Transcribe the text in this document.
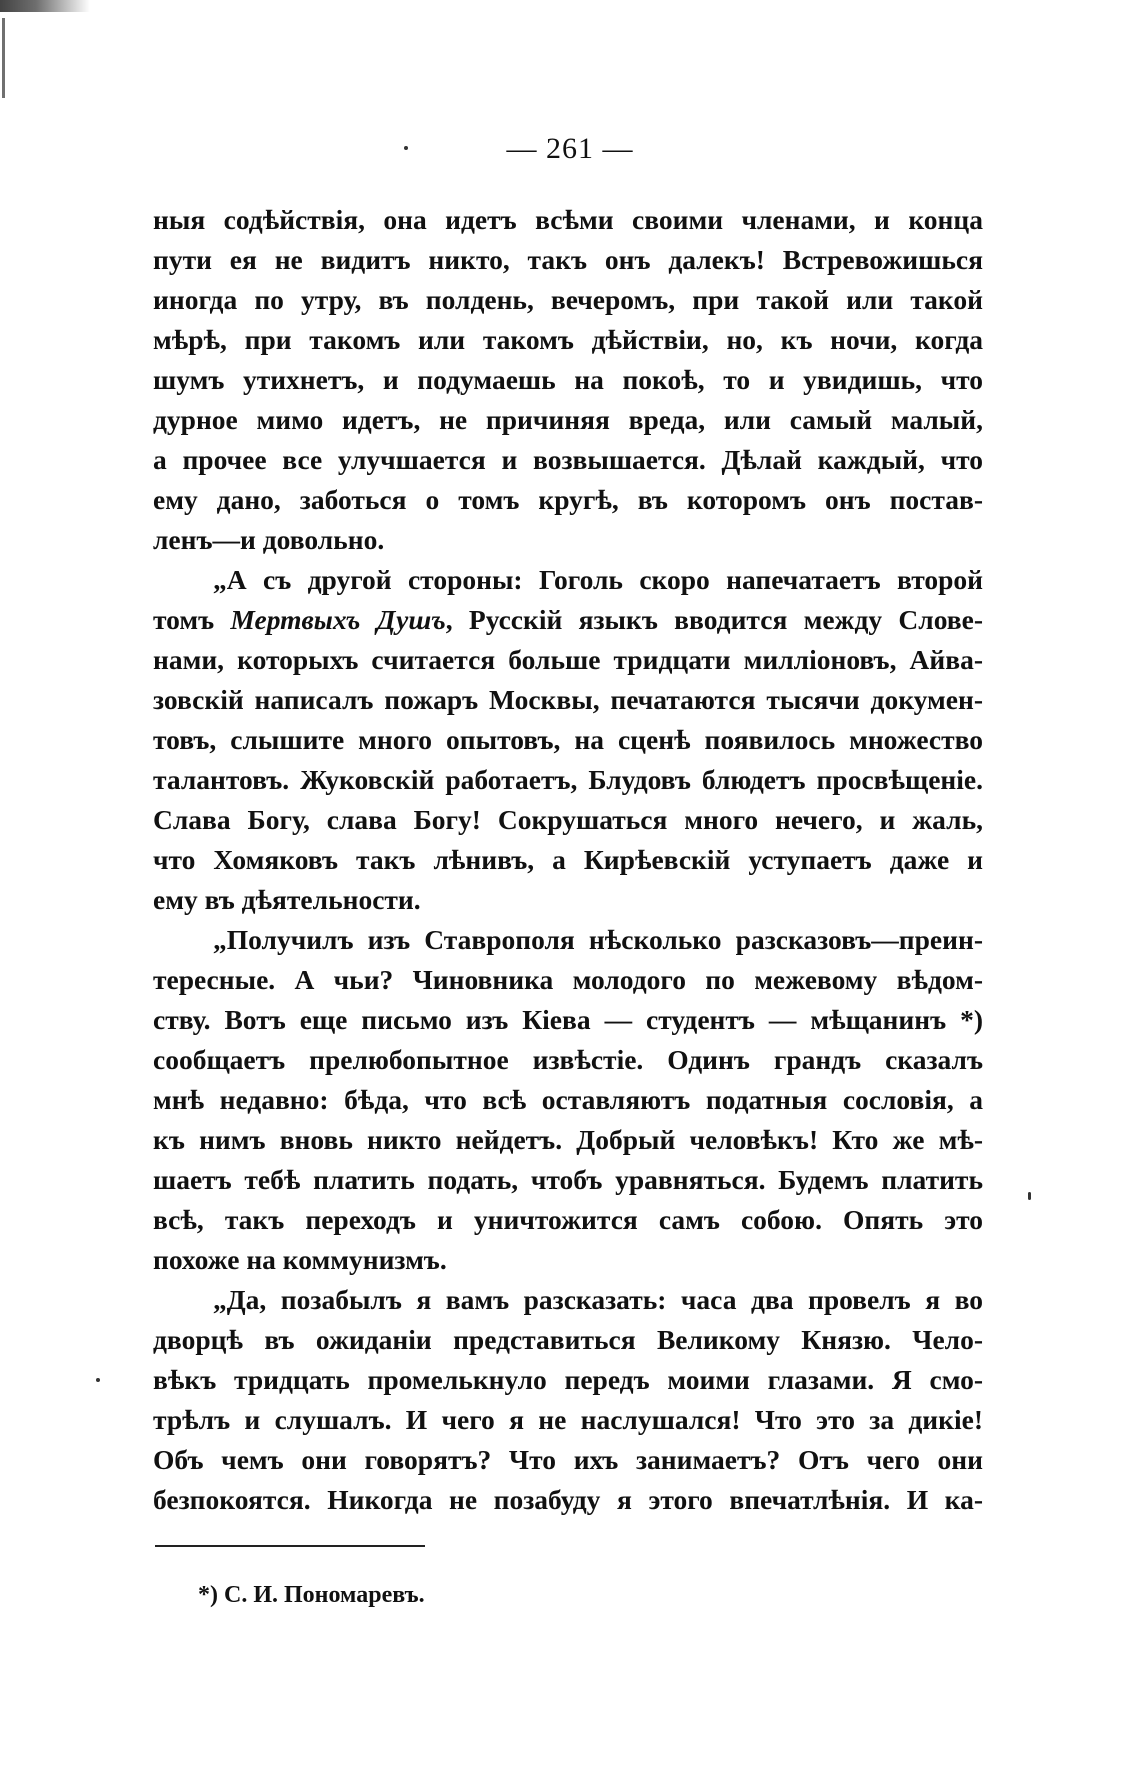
— 261 —
ныя содѣйствія, она идетъ всѣми своими членами, и конца
пути ея не видитъ никто, такъ онъ далекъ! Встревожишься
иногда по утру, въ полдень, вечеромъ, при такой или такой
мѣрѣ, при такомъ или такомъ дѣйствіи, но, къ ночи, когда
шумъ утихнетъ, и подумаешь на покоѣ, то и увидишь, что
дурное мимо идетъ, не причиняя вреда, или самый малый,
а прочее все улучшается и возвышается. Дѣлай каждый, что
ему дано, заботься о томъ кругѣ, въ которомъ онъ постав-
ленъ—и довольно.
„А съ другой стороны: Гоголь скоро напечатаетъ второй
томъ Мертвыхъ Душъ, Русскій языкъ вводится между Слове-
нами, которыхъ считается больше тридцати милліоновъ, Айва-
зовскій написалъ пожаръ Москвы, печатаются тысячи докумен-
товъ, слышите много опытовъ, на сценѣ появилось множество
талантовъ. Жуковскій работаетъ, Блудовъ блюдетъ просвѣщеніе.
Слава Богу, слава Богу! Сокрушаться много нечего, и жаль,
что Хомяковъ такъ лѣнивъ, а Кирѣевскій уступаетъ даже и
ему въ дѣятельности.
„Получилъ изъ Ставрополя нѣсколько разсказовъ—преин-
тересные. А чьи? Чиновника молодого по межевому вѣдом-
ству. Вотъ еще письмо изъ Кіева — студентъ — мѣщанинъ *)
сообщаетъ прелюбопытное извѣстіе. Одинъ грандъ сказалъ
мнѣ недавно: бѣда, что всѣ оставляютъ податныя сословія, а
къ нимъ вновь никто нейдетъ. Добрый человѣкъ! Кто же мѣ-
шаетъ тебѣ платить подать, чтобъ уравняться. Будемъ платить
всѣ, такъ переходъ и уничтожится самъ собою. Опять это
похоже на коммунизмъ.
„Да, позабылъ я вамъ разсказать: часа два провелъ я во
дворцѣ въ ожиданіи представиться Великому Князю. Чело-
вѣкъ тридцать промелькнуло передъ моими глазами. Я смо-
трѣлъ и слушалъ. И чего я не наслушался! Что это за дикіе!
Объ чемъ они говорятъ? Что ихъ занимаетъ? Отъ чего они
безпокоятся. Никогда не позабуду я этого впечатлѣнія. И ка-
*) С. И. Пономаревъ.
